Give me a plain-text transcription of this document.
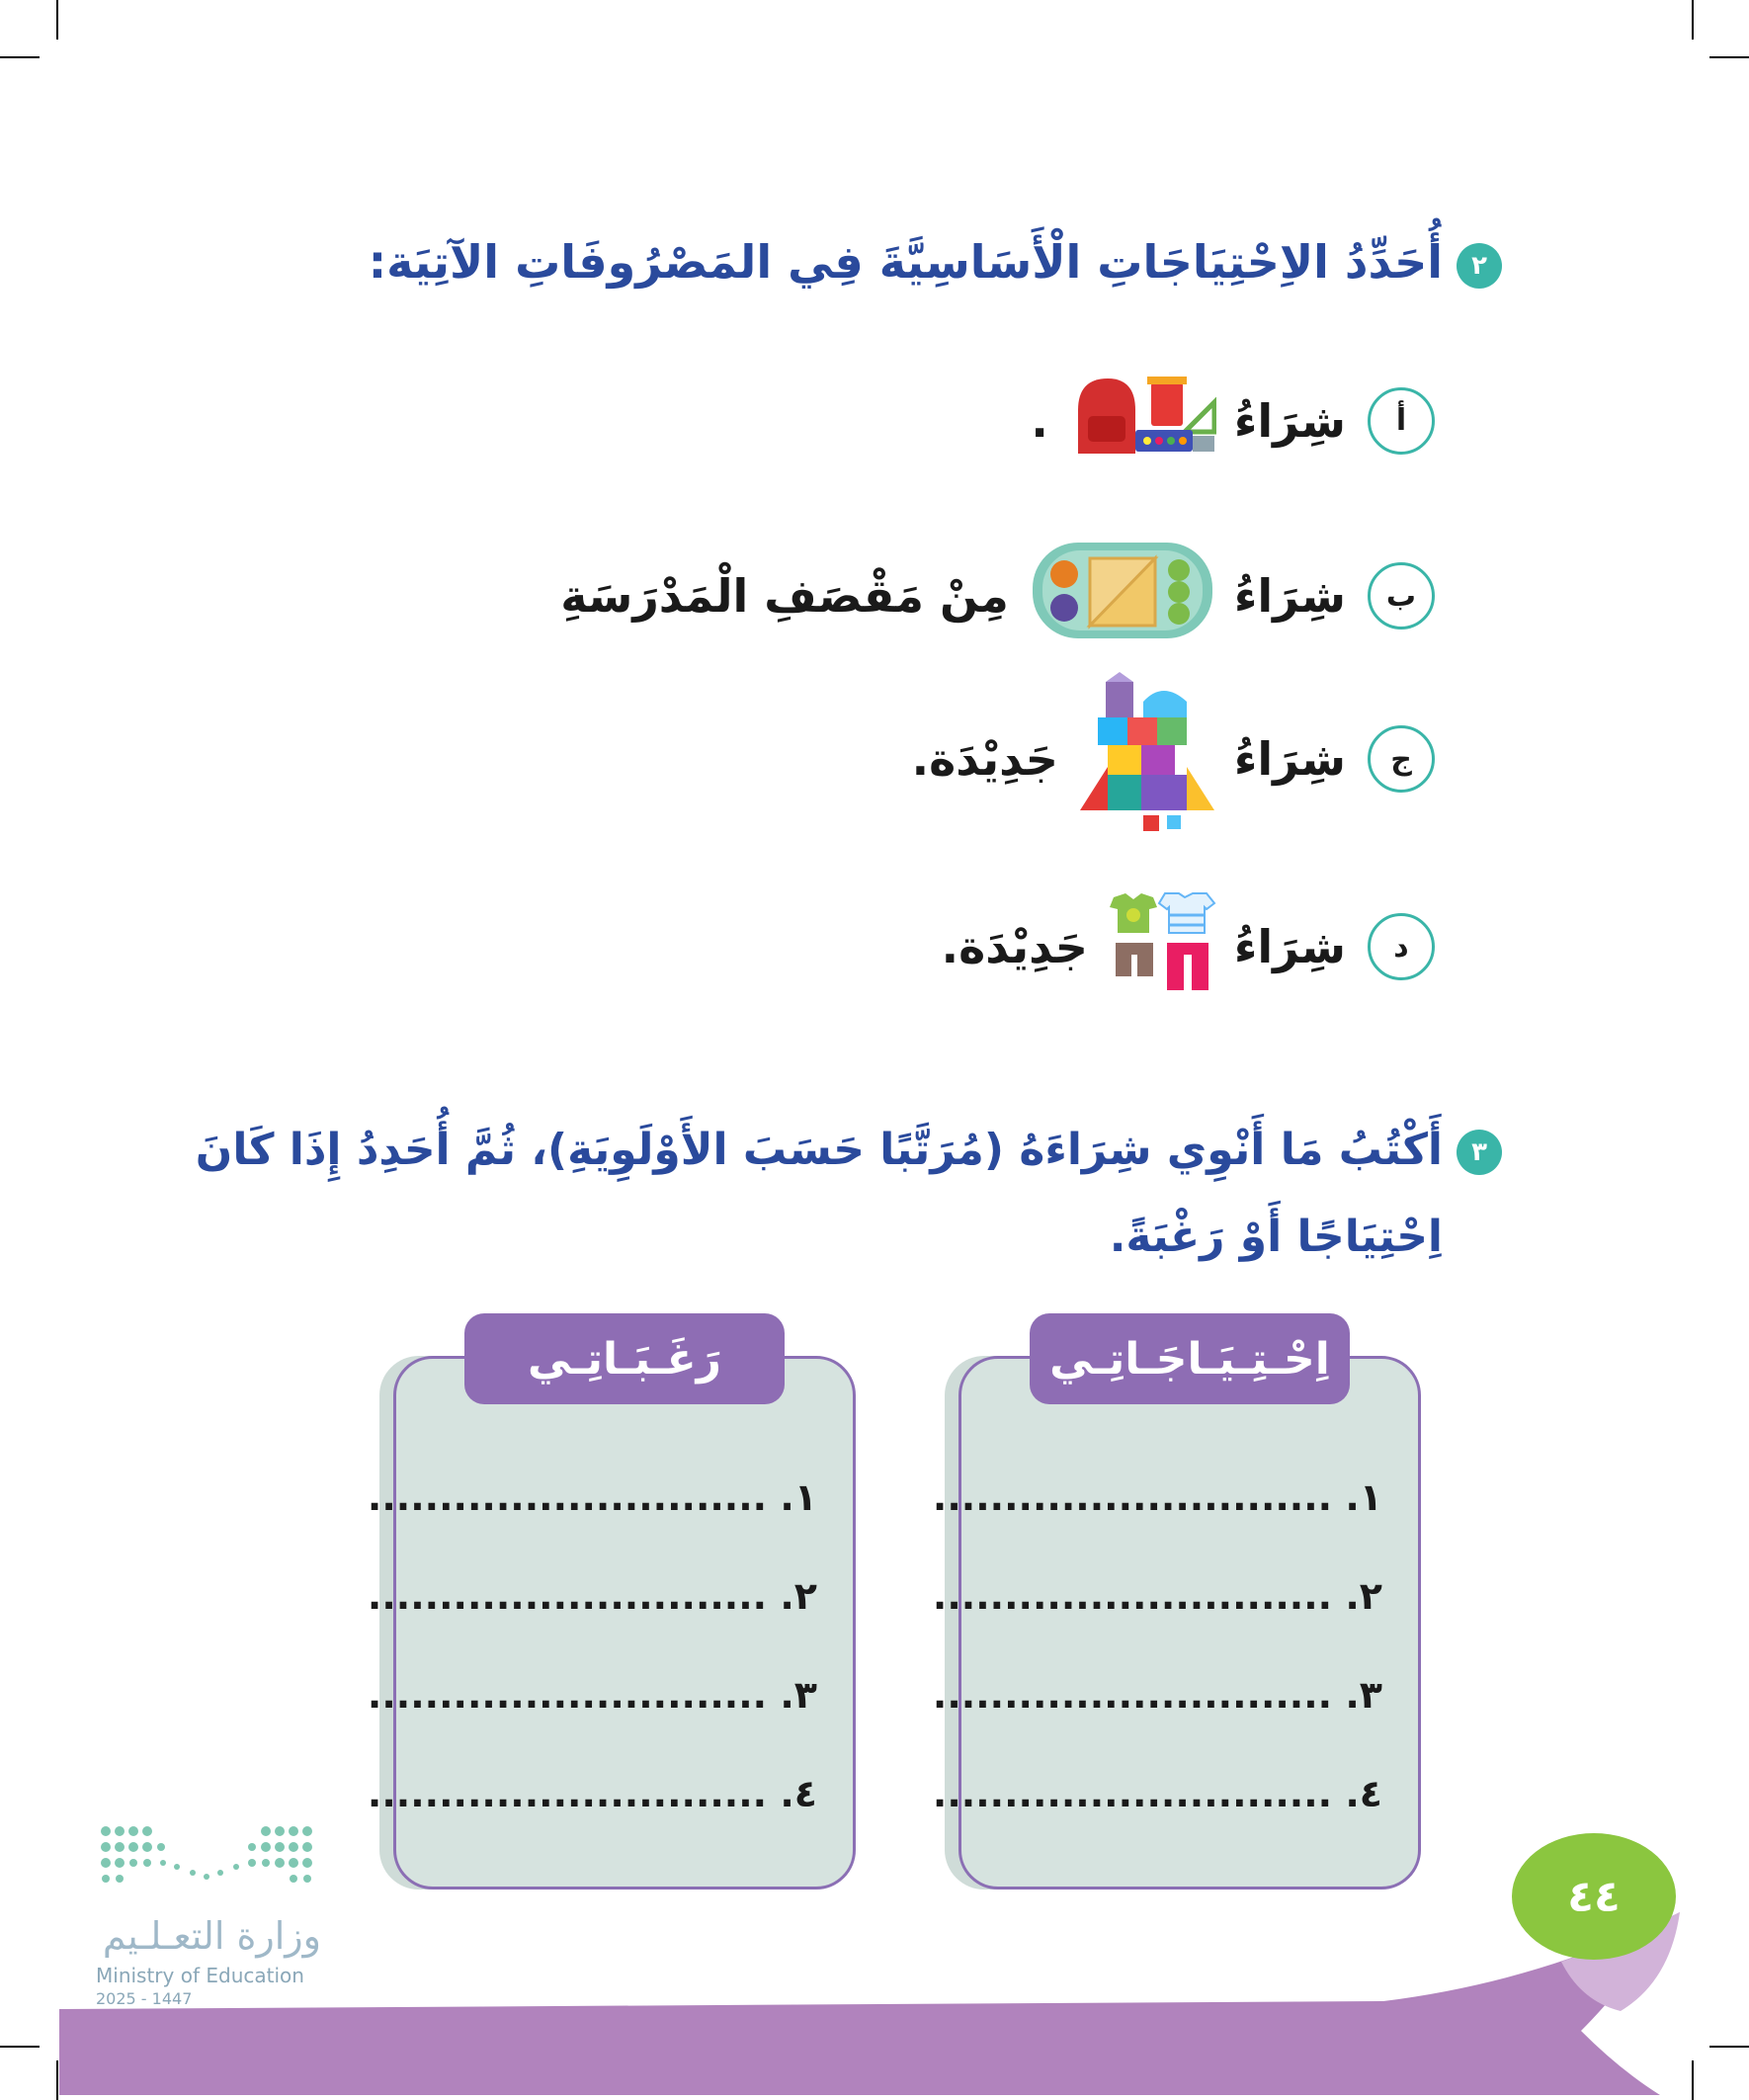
٢أُحَدِّدُ الاِحْتِيَاجَاتِ الْأَسَاسِيَّةَ فِي المَصْرُوفَاتِ الآتِيَة:
أ
شِرَاءُ
.
ب
شِرَاءُ
مِنْ مَقْصَفِ الْمَدْرَسَةِ
ج
شِرَاءُ
جَدِيْدَة.
د
شِرَاءُ
جَدِيْدَة.
٣أَكْتُبُ مَا أَنْوِي شِرَاءَهُ (مُرَتَّبًا حَسَبَ الأَوْلَوِيَةِ)، ثُمَّ أُحَدِدُ إِذَا كَانَ
اِحْتِيَاجًا أَوْ رَغْبَةً.
اِحْـتِـيَـاجَـاتِـي
١. ............................
٢. ............................
٣. ............................
٤. ............................
رَغَـبَـاتِـي
١. ............................
٢. ............................
٣. ............................
٤. ............................
وزارة التعـلـيم
Ministry of Education
2025 - 1447
٤٤
